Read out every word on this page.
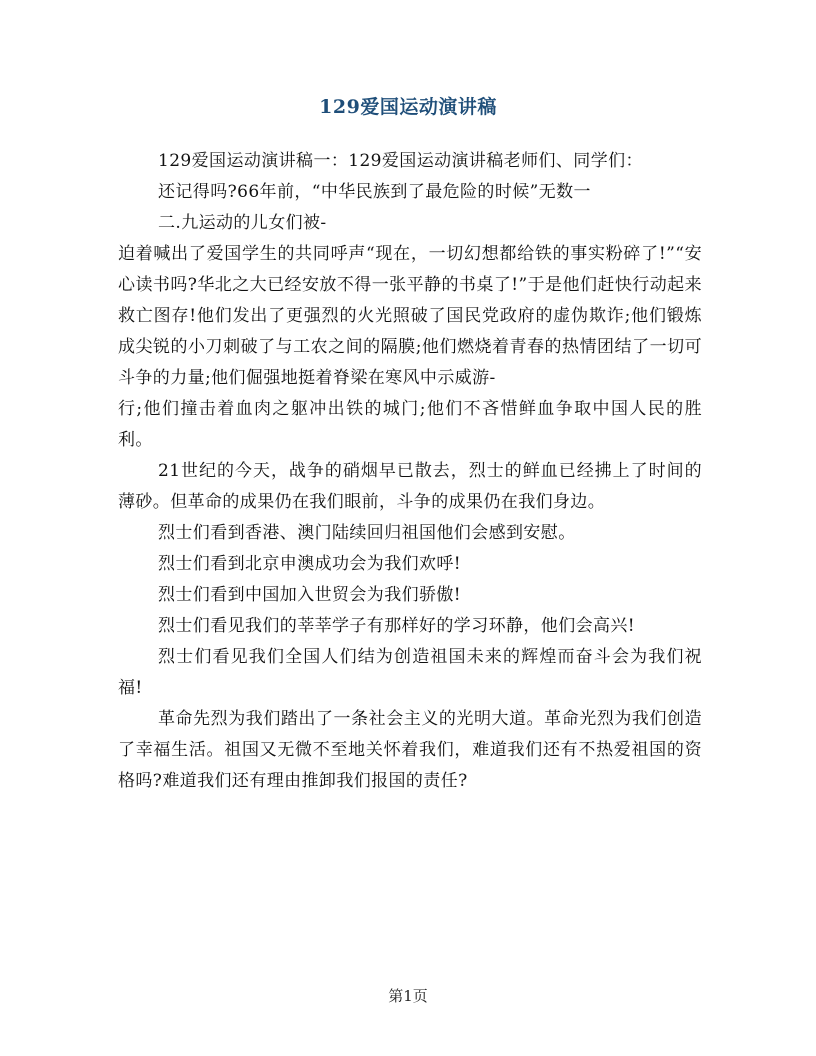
129爱国运动演讲稿

129爱国运动演讲稿一：129爱国运动演讲稿老师们、同学们：

还记得吗?66年前，“中华民族到了最危险的时候”无数一

二.九运动的儿女们被-

迫着喊出了爱国学生的共同呼声“现在，一切幻想都给铁的事实粉碎了!”“安心读书吗?华北之大已经安放不得一张平静的书桌了!”于是他们赶快行动起来救亡图存!他们发出了更强烈的火光照破了国民党政府的虚伪欺诈;他们锻炼成尖锐的小刀刺破了与工农之间的隔膜;他们燃烧着青春的热情团结了一切可斗争的力量;他们倔强地挺着脊梁在寒风中示威游-

行;他们撞击着血肉之躯冲出铁的城门;他们不吝惜鲜血争取中国人民的胜利。

21世纪的今天，战争的硝烟早已散去，烈士的鲜血已经拂上了时间的薄砂。但革命的成果仍在我们眼前，斗争的成果仍在我们身边。

烈士们看到香港、澳门陆续回归祖国他们会感到安慰。

烈士们看到北京申澳成功会为我们欢呼!

烈士们看到中国加入世贸会为我们骄傲!

烈士们看见我们的莘莘学子有那样好的学习环静，他们会高兴!

烈士们看见我们全国人们结为创造祖国未来的辉煌而奋斗会为我们祝福!

革命先烈为我们踏出了一条社会主义的光明大道。革命光烈为我们创造了幸福生活。祖国又无微不至地关怀着我们，难道我们还有不热爱祖国的资格吗?难道我们还有理由推卸我们报国的责任?

第1页
